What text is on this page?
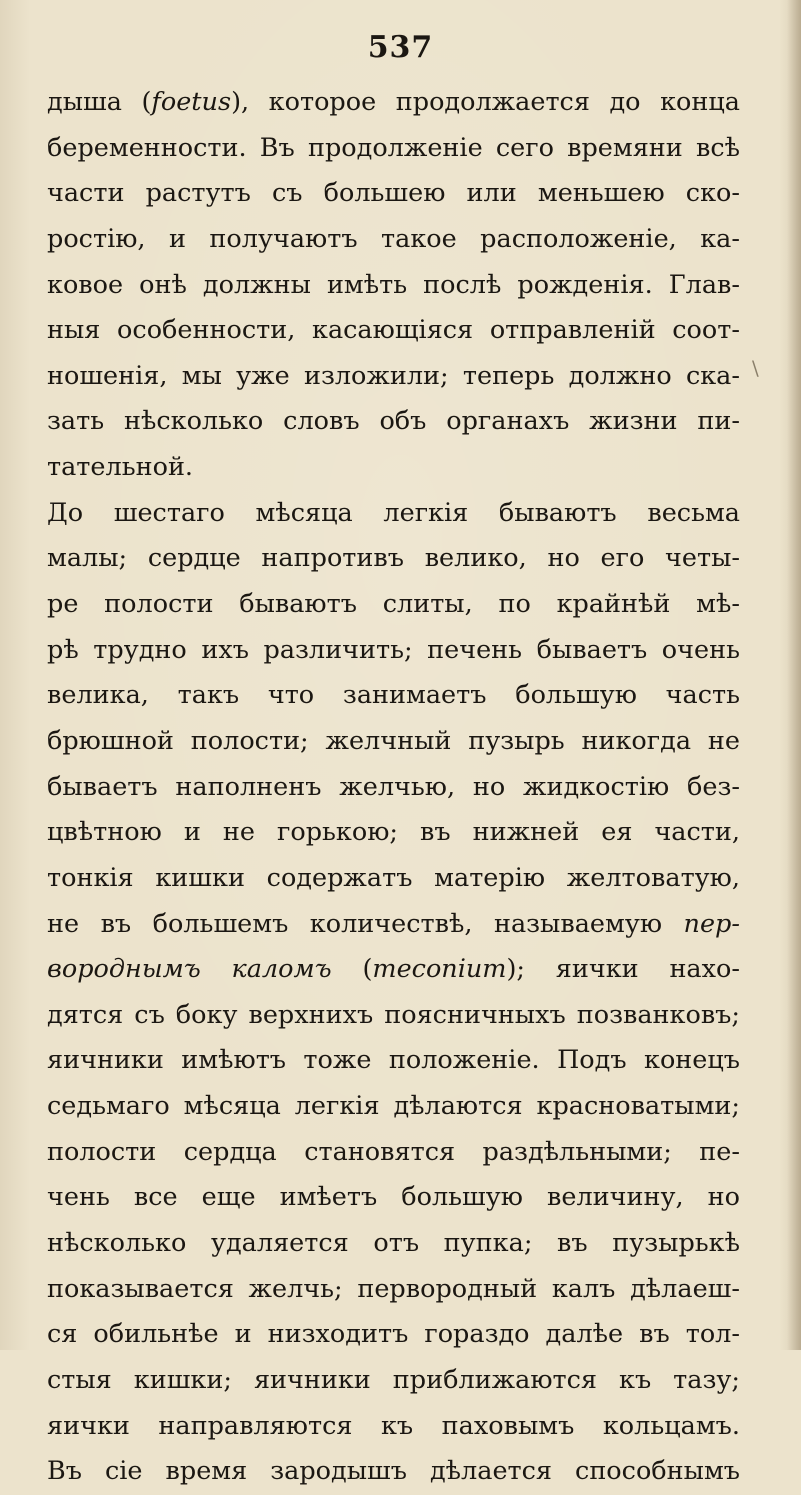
537
дыша (foetus), которое продолжается до конца
беременности. Въ продолженіе сего времяни всѣ
части растутъ съ большею или меньшею ско-
ростію, и получаютъ такое расположеніе, ка-
ковое онѣ должны имѣть послѣ рожденія. Глав-
ныя особенности, касающіяся отправленій соот-
ношенія, мы уже изложили; теперь должно ска-
зать нѣсколько словъ объ органахъ жизни пи-
тательной.
До шестаго мѣсяца легкія бываютъ весьма
малы; сердце напротивъ велико, но его четы-
ре полости бываютъ слиты, по крайнѣй мѣ-
рѣ трудно ихъ различить; печень бываетъ очень
велика, такъ что занимаетъ большую часть
брюшной полости; желчный пузырь никогда не
бываетъ наполненъ желчью, но жидкостію без-
цвѣтною и не горькою; въ нижней ея части,
тонкія кишки содержатъ матерію желтоватую,
не въ большемъ количествѣ, называемую пер-
вороднымъ каломъ (meconium); яички нахо-
дятся съ боку верхнихъ поясничныхъ позванковъ;
яичники имѣютъ тоже положеніе. Подъ конецъ
седьмаго мѣсяца легкія дѣлаются красноватыми;
полости сердца становятся раздѣльными; пе-
чень все еще имѣетъ большую величину, но
нѣсколько удаляется отъ пупка; въ пузырькѣ
показывается желчь; первородный калъ дѣлаеш-
ся обильнѣе и низходитъ гораздо далѣе въ тол-
стыя кишки; яичники приближаются къ тазу;
яички направляются къ паховымъ кольцамъ.
Въ сіе время зародышъ дѣлается способнымъ
\
